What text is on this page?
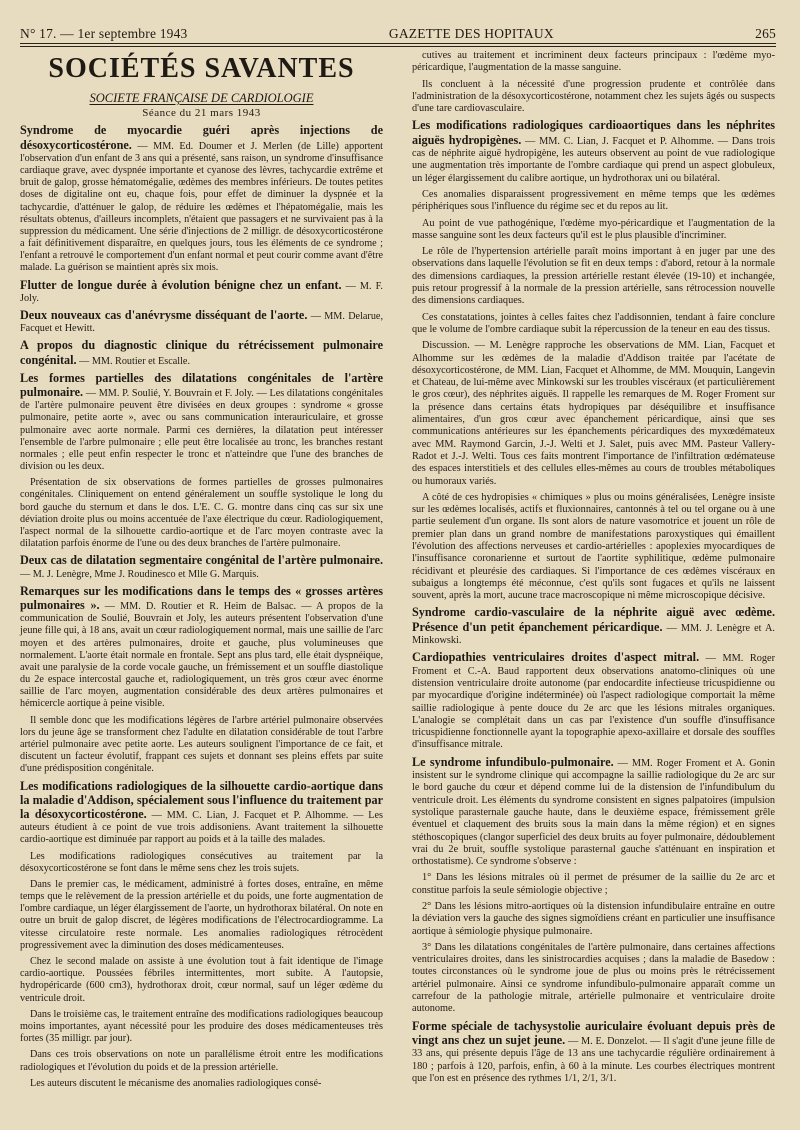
N° 17. — 1er septembre 1943	GAZETTE DES HOPITAUX	265
SOCIÉTÉS SAVANTES
SOCIETE FRANÇAISE DE CARDIOLOGIE
Séance du 21 mars 1943

Syndrome de myocardie guéri après injections de désoxycorticostérone. — MM. Ed. Doumer et J. Merlen (de Lille) apportent l'observation d'un enfant de 3 ans qui a présenté, sans raison, un syndrome d'insuffisance cardiaque grave, avec dyspnée importante et cyanose des lèvres, tachycardie extrême et bruit de galop, grosse hématomégalie, œdèmes des membres inférieurs. De toutes petites doses de digitaline ont eu, chaque fois, pour effet de diminuer la dyspnée et la tachycardie, d'atténuer le galop, de réduire les œdèmes et l'hépatomégalie, mais les résultats obtenus, d'ailleurs incomplets, n'étaient que passagers et ne survivaient pas à la suppression du médicament. Une série d'injections de 2 milligr. de désoxycorticostérone a fait définitivement disparaître, en quelques jours, tous les éléments de ce syndrome ; l'enfant a retrouvé le comportement d'un enfant normal et peut courir comme avant d'être malade. La guérison se maintient après six mois.

Flutter de longue durée à évolution bénigne chez un enfant. — M. F. Joly.

Deux nouveaux cas d'anévrysme disséquant de l'aorte. — MM. Delarue, Facquet et Hewitt.

A propos du diagnostic clinique du rétrécissement pulmonaire congénital. — MM. Routier et Escalle.

Les formes partielles des dilatations congénitales de l'artère pulmonaire. — MM. P. Soulié, Y. Bouvrain et F. Joly. — Les dilatations congénitales de l'artère pulmonaire peuvent être divisées en deux groupes : syndrome « grosse pulmonaire, petite aorte », avec ou sans communication interauriculaire, et grosse pulmonaire avec aorte normale. Parmi ces dernières, la dilatation peut intéresser l'ensemble de l'arbre pulmonaire ; elle peut être localisée au tronc, les branches restant normales ; elle peut enfin respecter le tronc et n'atteindre que l'une des branches de division ou les deux.

Présentation de six observations de formes partielles de grosses pulmonaires congénitales. Cliniquement on entend généralement un souffle systolique le long du bord gauche du sternum et dans le dos. L'E. C. G. montre dans cinq cas sur six une déviation droite plus ou moins accentuée de l'axe électrique du cœur. Radiologiquement, l'aspect normal de la silhouette cardio-aortique et de l'arc moyen contraste avec la dilatation parfois énorme de l'une ou des deux branches de l'artère pulmonaire.

Deux cas de dilatation segmentaire congénital de l'artère pulmonaire. — M. J. Lenègre, Mme J. Roudinesco et Mlle G. Marquis.

Remarques sur les modifications dans le temps des « grosses artères pulmonaires ». — MM. D. Routier et R. Heim de Balsac. — A propos de la communication de Soulié, Bouvrain et Joly, les auteurs présentent l'observation d'une jeune fille qui, à 18 ans, avait un cœur radiologiquement normal, mais une saillie de l'arc moyen et des artères pulmonaires, droite et gauche, plus volumineuses que normalement. L'aorte était normale en frontale. Sept ans plus tard, elle était dyspnéique, avait une paralysie de la corde vocale gauche, un frémissement et un souffle diastolique du 2e espace intercostal gauche et, radiologiquement, un très gros cœur avec énorme saillie de l'arc moyen, augmentation considérable des deux artères pulmonaires et hémicercle aortique à peine visible.

Il semble donc que les modifications légères de l'arbre artériel pulmonaire observées lors du jeune âge se transforment chez l'adulte en dilatation considérable de tout l'arbre artériel pulmonaire avec petite aorte. Les auteurs soulignent l'importance de ce fait, et discutent un facteur évolutif, frappant ces sujets et donnant ses pleins effets par suite d'une prédisposition congénitale.

Les modifications radiologiques de la silhouette cardio-aortique dans la maladie d'Addison, spécialement sous l'influence du traitement par la désoxycorticostérone. — MM. C. Lian, J. Facquet et P. Alhomme. — Les auteurs étudient à ce point de vue trois addisoniens. Avant traitement la silhouette cardio-aortique est diminuée par rapport au poids et à la taille des malades.

Les modifications radiologiques consécutives au traitement par la désoxycorticostérone se font dans le même sens chez les trois sujets.

Dans le premier cas, le médicament, administré à fortes doses, entraîne, en même temps que le relèvement de la pression artérielle et du poids, une forte augmentation de l'ombre cardiaque, un léger élargissement de l'aorte, un hydrothorax bilatéral. On note en outre un bruit de galop discret, de légères modifications de l'électrocardiogramme. La vitesse circulatoire reste normale. Les anomalies radiologiques rétrocèdent progressivement avec la diminution des doses médicamenteuses.

Chez le second malade on assiste à une évolution tout à fait identique de l'image cardio-aortique. Poussées fébriles intermittentes, mort subite. A l'autopsie, hydropéricarde (600 cm3), hydrothorax droit, cœur normal, sauf un léger œdème du ventricule droit.

Dans le troisième cas, le traitement entraîne des modifications radiologiques beaucoup moins importantes, ayant nécessité pour les produire des doses médicamenteuses très fortes (35 milligr. par jour).

Dans ces trois observations on note un parallélisme étroit entre les modifications radiologiques et l'évolution du poids et de la pression artérielle.

Les auteurs discutent le mécanisme des anomalies radiologiques consé-

cutives au traitement et incriminent deux facteurs principaux : l'œdème myo-péricardique, l'augmentation de la masse sanguine.

Ils concluent à la nécessité d'une progression prudente et contrôlée dans l'administration de la désoxycorticostérone, notamment chez les sujets âgés ou suspects d'une tare cardiovasculaire.

Les modifications radiologiques cardioaortiques dans les néphrites aiguës hydropigènes. — MM. C. Lian, J. Facquet et P. Alhomme. — Dans trois cas de néphrite aiguë hydropigène, les auteurs observent au point de vue radiologique une augmentation très importante de l'ombre cardiaque qui prend un aspect globuleux, un léger élargissement du calibre aortique, un hydrothorax uni ou bilatéral.

Ces anomalies disparaissent progressivement en même temps que les œdèmes périphériques sous l'influence du régime sec et du repos au lit.

Au point de vue pathogénique, l'œdème myo-péricardique et l'augmentation de la masse sanguine sont les deux facteurs qu'il est le plus plausible d'incriminer.

Le rôle de l'hypertension artérielle paraît moins important à en juger par une des observations dans laquelle l'évolution se fit en deux temps : d'abord, retour à la normale des dimensions cardiaques, la pression artérielle restant élevée (19-10) et inchangée, puis retour progressif à la normale de la pression artérielle, sans rétrocession nouvelle des dimensions cardiaques.

Ces constatations, jointes à celles faites chez l'addisonnien, tendant à faire conclure que le volume de l'ombre cardiaque subit la répercussion de la teneur en eau des tissus.

Discussion. — M. Lenègre rapproche les observations de MM. Lian, Facquet et Alhomme sur les œdèmes de la maladie d'Addison traitée par l'acétate de désoxycorticostérone, de MM. Lian, Facquet et Alhomme, de MM. Mouquin, Langevin et Chateau, de lui-même avec Minkowski sur les troubles viscéraux (et particulièrement le gros cœur), des néphrites aiguës. Il rappelle les remarques de M. Roger Froment sur la présence dans certains états hydropiques par déséquilibre et insuffisance alimentaires, d'un gros cœur avec épanchement péricardique, ainsi que ses communications antérieures sur les épanchements péricardiques des myxœdémateux avec MM. Raymond Garcin, J.-J. Welti et J. Salet, puis avec MM. Pasteur Vallery-Radot et J.-J. Welti. Tous ces faits montrent l'importance de l'infiltration œdémateuse des espaces interstitiels et des cellules elles-mêmes au cours de troubles métaboliques ou humoraux variés.

A côté de ces hydropisies « chimiques » plus ou moins généralisées, Lenègre insiste sur les œdèmes localisés, actifs et fluxionnaires, cantonnés à tel ou tel organe ou à une partie seulement d'un organe. Ils sont alors de nature vasomotrice et jouent un rôle de premier plan dans un grand nombre de manifestations paroxystiques qui émaillent l'évolution des affections nerveuses et cardio-artérielles : apoplexies myocardiques de l'insuffisance coronarienne et surtout de l'aortite syphilitique, œdème pulmonaire récidivant et pleurésie des cardiaques. Si l'importance de ces œdèmes viscéraux en subaigus a longtemps été méconnue, c'est qu'ils sont fugaces et qu'ils ne laissent souvent, après la mort, aucune trace macroscopique ni même microscopique décisive.

Syndrome cardio-vasculaire de la néphrite aiguë avec œdème. Présence d'un petit épanchement péricardique. — MM. J. Lenègre et A. Minkowski.

Cardiopathies ventriculaires droites d'aspect mitral. — MM. Roger Froment et C.-A. Baud rapportent deux observations anatomo-cliniques où une distension ventriculaire droite autonome (par endocardite infectieuse tricuspidienne ou par myocardique d'origine indéterminée) où l'aspect radiologique comportait la même saillie radiologique à pente douce du 2e arc que les lésions mitrales organiques. L'analogie se complétait dans un cas par l'existence d'un souffle d'insuffisance tricuspidienne fonctionnelle ayant la topographie apexo-axillaire et dorsale des souffles d'insuffisance mitrale.

Le syndrome infundibulo-pulmonaire. — MM. Roger Froment et A. Gonin insistent sur le syndrome clinique qui accompagne la saillie radiologique du 2e arc sur le bord gauche du cœur et dépend comme lui de la distension de l'infundibulum du ventricule droit. Les éléments du syndrome consistent en signes palpatoires (impulsion systolique parasternale gauche haute, dans le deuxième espace, frémissement grêle éventuel et claquement des bruits sous la main dans la même région) et en signes stéthoscopiques (clangor superficiel des deux bruits au foyer pulmonaire, dédoublement vrai du 2e bruit, souffle systolique parasternal gauche s'atténuant en inspiration et orthostatisme). Ce syndrome s'observe :

1° Dans les lésions mitrales où il permet de présumer de la saillie du 2e arc et constitue parfois la seule sémiologie objective ;

2° Dans les lésions mitro-aortiques où la distension infundibulaire entraîne en outre la déviation vers la gauche des signes sigmoïdiens créant en particulier une insuffisance aortique à sémiologie physique pulmonaire.

3° Dans les dilatations congénitales de l'artère pulmonaire, dans certaines affections ventriculaires droites, dans les sinistrocardies acquises ; dans la maladie de Basedow : toutes circonstances où le syndrome joue de plus ou moins près le rétrécissement artériel pulmonaire. Ainsi ce syndrome infundibulo-pulmonaire apparaît comme un carrefour de la pathologie mitrale, artérielle pulmonaire et ventriculaire droite autonome.

Forme spéciale de tachysystolie auriculaire évoluant depuis près de vingt ans chez un sujet jeune. — M. E. Donzelot. — Il s'agit d'une jeune fille de 33 ans, qui présente depuis l'âge de 13 ans une tachycardie régulière ordinairement à 180 ; parfois à 120, parfois, enfin, à 60 à la minute. Les courbes électriques montrent que l'on est en présence des rythmes 1/1, 2/1, 3/1.
